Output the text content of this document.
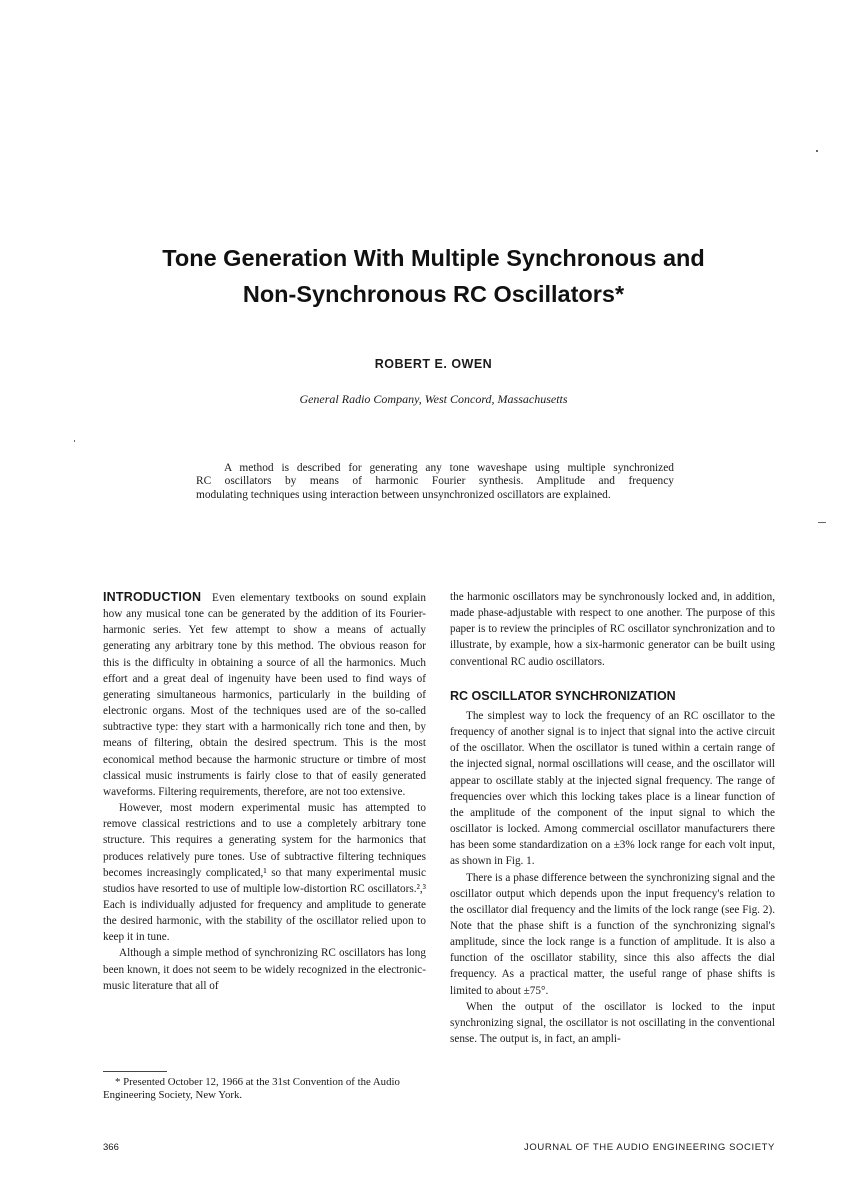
Tone Generation With Multiple Synchronous and
Non-Synchronous RC Oscillators*
ROBERT E. OWEN
General Radio Company, West Concord, Massachusetts
A method is described for generating any tone waveshape using multiple synchronized
RC oscillators by means of harmonic Fourier synthesis. Amplitude and frequency
modulating techniques using interaction between unsynchronized oscillators are explained.

INTRODUCTION Even elementary textbooks on sound explain how any musical tone can be generated by the addition of its Fourier-harmonic series. Yet few attempt to show a means of actually generating any arbitrary tone by this method. The obvious reason for this is the difficulty in obtaining a source of all the harmonics. Much effort and a great deal of ingenuity have been used to find ways of generating simultaneous harmonics, particularly in the building of electronic organs. Most of the techniques used are of the so-called subtractive type: they start with a harmonically rich tone and then, by means of filtering, obtain the desired spectrum. This is the most economical method because the harmonic structure or timbre of most classical music instruments is fairly close to that of easily generated waveforms. Filtering requirements, therefore, are not too extensive.

However, most modern experimental music has attempted to remove classical restrictions and to use a completely arbitrary tone structure. This requires a generating system for the harmonics that produces relatively pure tones. Use of subtractive filtering techniques becomes increasingly complicated,¹ so that many experimental music studios have resorted to use of multiple low-distortion RC oscillators.²,³ Each is individually adjusted for frequency and amplitude to generate the desired harmonic, with the stability of the oscillator relied upon to keep it in tune.

Although a simple method of synchronizing RC oscillators has long been known, it does not seem to be widely recognized in the electronic-music literature that all of

the harmonic oscillators may be synchronously locked and, in addition, made phase-adjustable with respect to one another. The purpose of this paper is to review the principles of RC oscillator synchronization and to illustrate, by example, how a six-harmonic generator can be built using conventional RC audio oscillators.

RC OSCILLATOR SYNCHRONIZATION

The simplest way to lock the frequency of an RC oscillator to the frequency of another signal is to inject that signal into the active circuit of the oscillator. When the oscillator is tuned within a certain range of the injected signal, normal oscillations will cease, and the oscillator will appear to oscillate stably at the injected signal frequency. The range of frequencies over which this locking takes place is a linear function of the amplitude of the component of the input signal to which the oscillator is locked. Among commercial oscillator manufacturers there has been some standardization on a ±3% lock range for each volt input, as shown in Fig. 1.

There is a phase difference between the synchronizing signal and the oscillator output which depends upon the input frequency's relation to the oscillator dial frequency and the limits of the lock range (see Fig. 2). Note that the phase shift is a function of the synchronizing signal's amplitude, since the lock range is a function of amplitude. It is also a function of the oscillator stability, since this also affects the dial frequency. As a practical matter, the useful range of phase shifts is limited to about ±75°.

When the output of the oscillator is locked to the input synchronizing signal, the oscillator is not oscillating in the conventional sense. The output is, in fact, an ampli-

* Presented October 12, 1966 at the 31st Convention of the Audio Engineering Society, New York.
366	JOURNAL OF THE AUDIO ENGINEERING SOCIETY
